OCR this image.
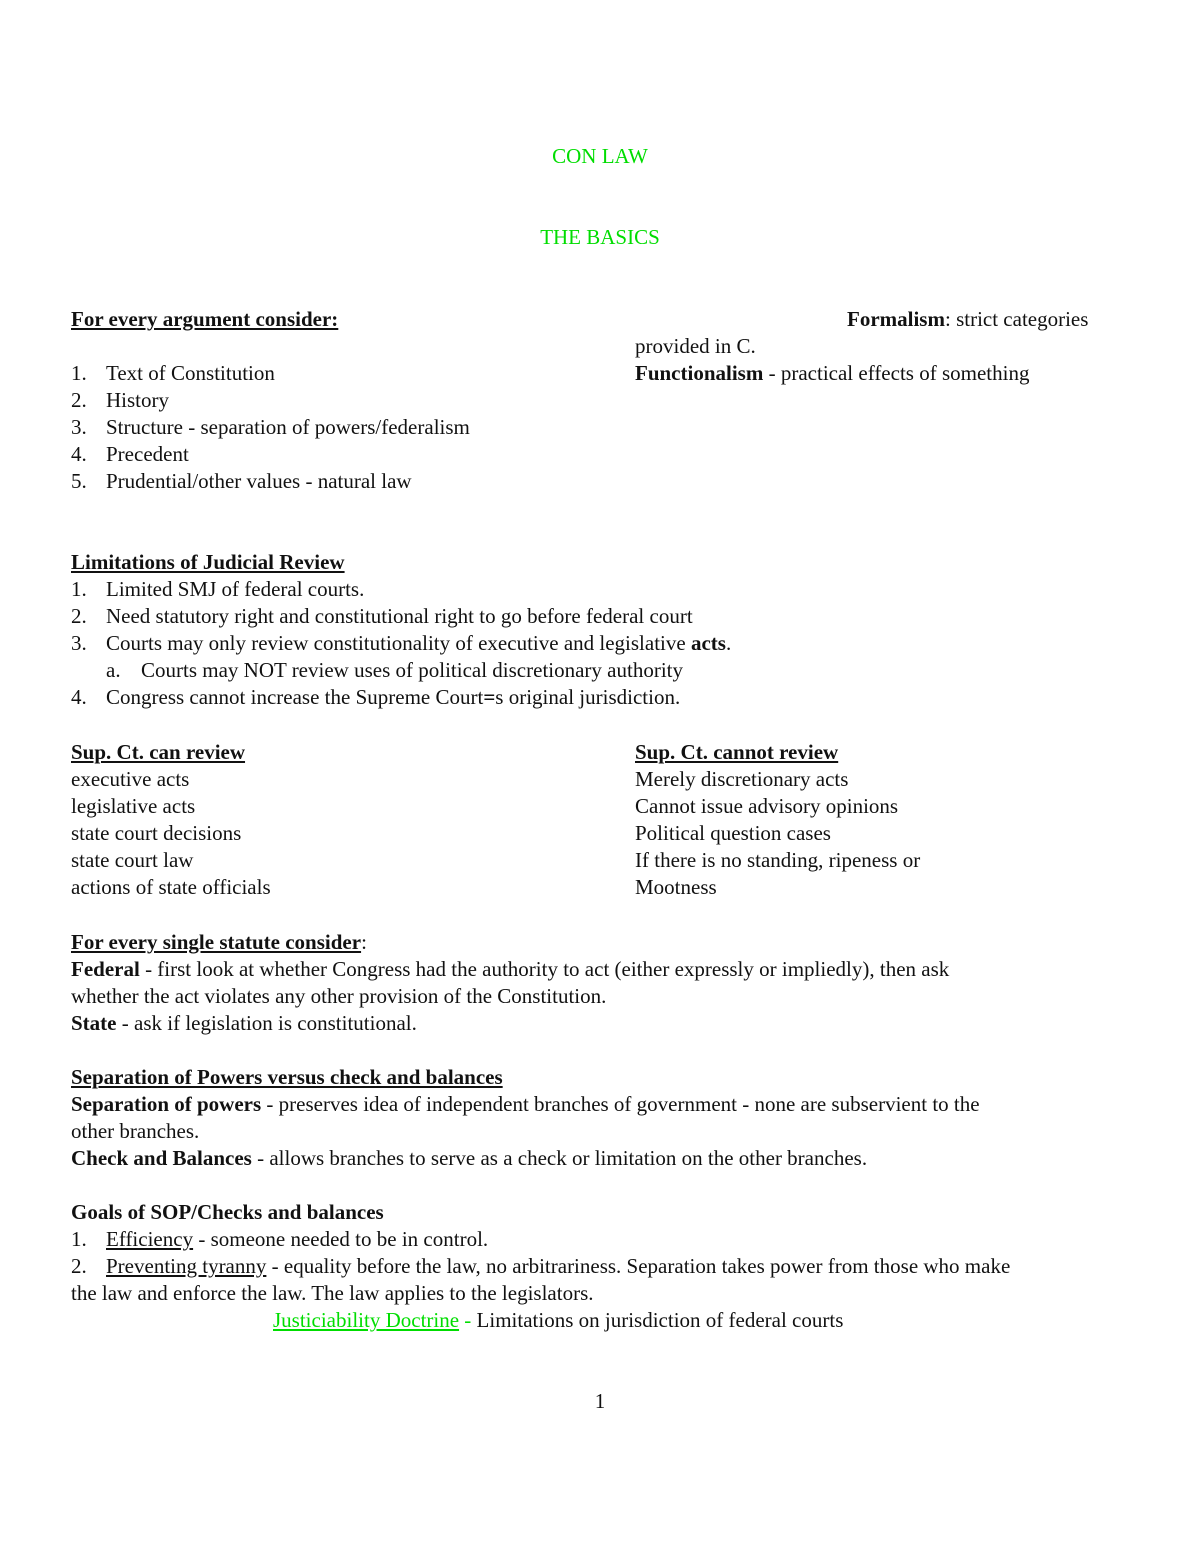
CON LAW
THE BASICS
For every argument consider:
1. Text of Constitution
2. History
3. Structure - separation of powers/federalism
4. Precedent
5. Prudential/other values - natural law
Formalism: strict categories
provided in C.
Functionalism - practical effects of something
Limitations of Judicial Review
1. Limited SMJ of federal courts.
2. Need statutory right and constitutional right to go before federal court
3. Courts may only review constitutionality of executive and legislative acts.
a. Courts may NOT review uses of political discretionary authority
4. Congress cannot increase the Supreme Court=s original jurisdiction.
Sup. Ct. can review
executive acts
legislative acts
state court decisions
state court law
actions of state officials
Sup. Ct. cannot review
Merely discretionary acts
Cannot issue advisory opinions
Political question cases
If there is no standing, ripeness or
Mootness
For every single statute consider:
Federal - first look at whether Congress had the authority to act (either expressly or impliedly), then ask
whether the act violates any other provision of the Constitution.
State - ask if legislation is constitutional.
Separation of Powers versus check and balances
Separation of powers - preserves idea of independent branches of government - none are subservient to the
other branches.
Check and Balances - allows branches to serve as a check or limitation on the other branches.
Goals of SOP/Checks and balances
1. Efficiency - someone needed to be in control.
2. Preventing tyranny - equality before the law, no arbitrariness. Separation takes power from those who make
the law and enforce the law. The law applies to the legislators.
Justiciability Doctrine - Limitations on jurisdiction of federal courts
1
